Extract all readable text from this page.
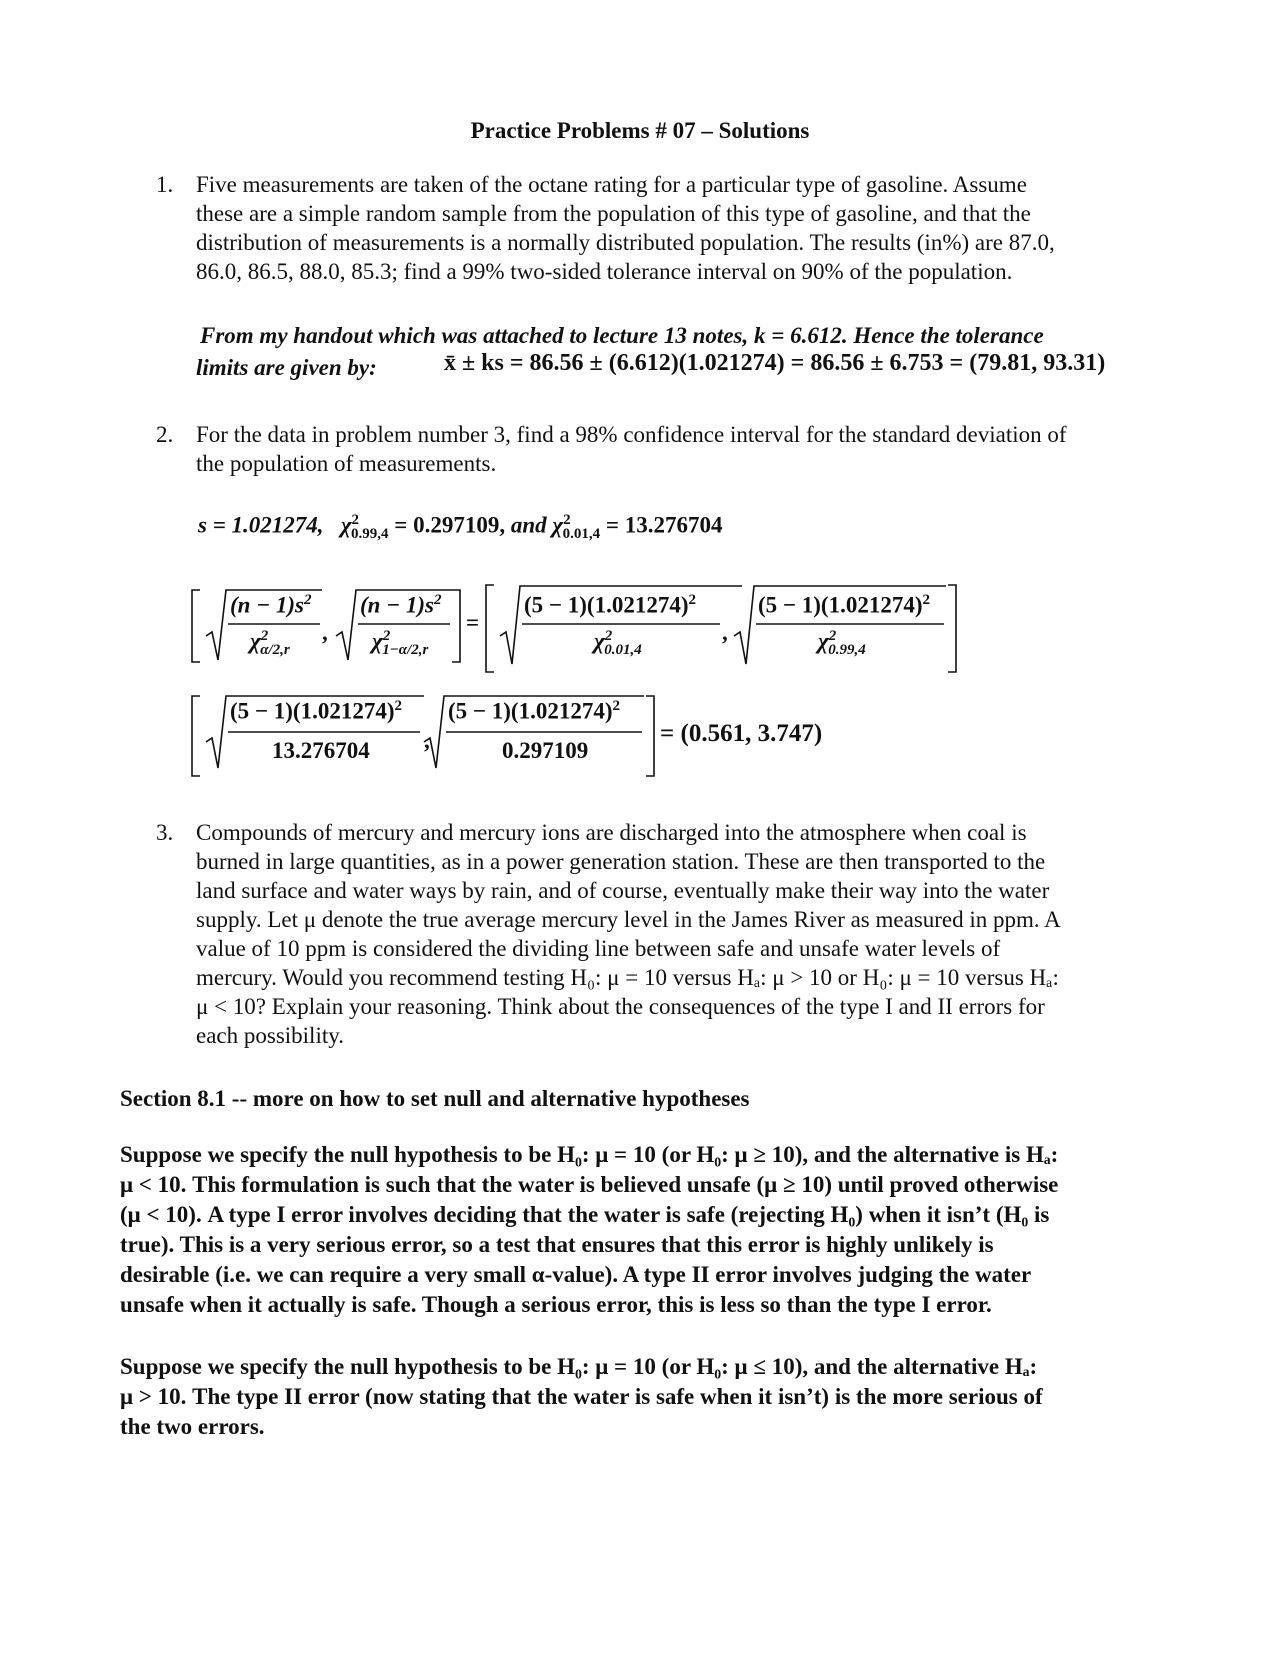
Practice Problems # 07 – Solutions
1. Five measurements are taken of the octane rating for a particular type of gasoline. Assume
these are a simple random sample from the population of this type of gasoline, and that the
distribution of measurements is a normally distributed population. The results (in%) are 87.0,
86.0, 86.5, 88.0, 85.3; find a 99% two-sided tolerance interval on 90% of the population.
From my handout which was attached to lecture 13 notes, k = 6.612. Hence the tolerance
limits are given by:	x̄ ± ks = 86.56 ± (6.612)(1.021274) = 86.56 ± 6.753 = (79.81, 93.31)
2. For the data in problem number 3, find a 98% confidence interval for the standard deviation of
the population of measurements.
s = 1.021274, $\chi^2_{0.99,4} = 0.297109$, and $\chi^2_{0.01,4} = 13.276704$
$(n - 1)s^2$ $(n - 1)s^2$
$\chi^2_{\alpha/2,r}$	$\chi^2_{1-\alpha/2,r}$
,	=
$(5 - 1)(1.021274)^2$	$(5 - 1)(1.021274)^2$
$\chi^2_{0.01,4}$	$\chi^2_{0.99,4}$
,
$(5 - 1)(1.021274)^2$ $(5 - 1)(1.021274)^2$
13.276704	0.297109
,	= (0.561, 3.747)
3. Compounds of mercury and mercury ions are discharged into the atmosphere when coal is
burned in large quantities, as in a power generation station. These are then transported to the
land surface and water ways by rain, and of course, eventually make their way into the water
supply. Let μ denote the true average mercury level in the James River as measured in ppm. A
value of 10 ppm is considered the dividing line between safe and unsafe water levels of
mercury. Would you recommend testing H₀: μ = 10 versus Hₐ: μ > 10 or H₀: μ = 10 versus Hₐ:
μ < 10? Explain your reasoning. Think about the consequences of the type I and II errors for
each possibility.
Section 8.1 -- more on how to set null and alternative hypotheses
Suppose we specify the null hypothesis to be H₀: μ = 10 (or H₀: μ ≥ 10), and the alternative is Hₐ:
μ < 10. This formulation is such that the water is believed unsafe (μ ≥ 10) until proved otherwise
(μ < 10). A type I error involves deciding that the water is safe (rejecting H₀) when it isn’t (H₀ is
true). This is a very serious error, so a test that ensures that this error is highly unlikely is
desirable (i.e. we can require a very small α-value). A type II error involves judging the water
unsafe when it actually is safe. Though a serious error, this is less so than the type I error.
Suppose we specify the null hypothesis to be H₀: μ = 10 (or H₀: μ ≤ 10), and the alternative Hₐ:
μ > 10. The type II error (now stating that the water is safe when it isn’t) is the more serious of
the two errors.
